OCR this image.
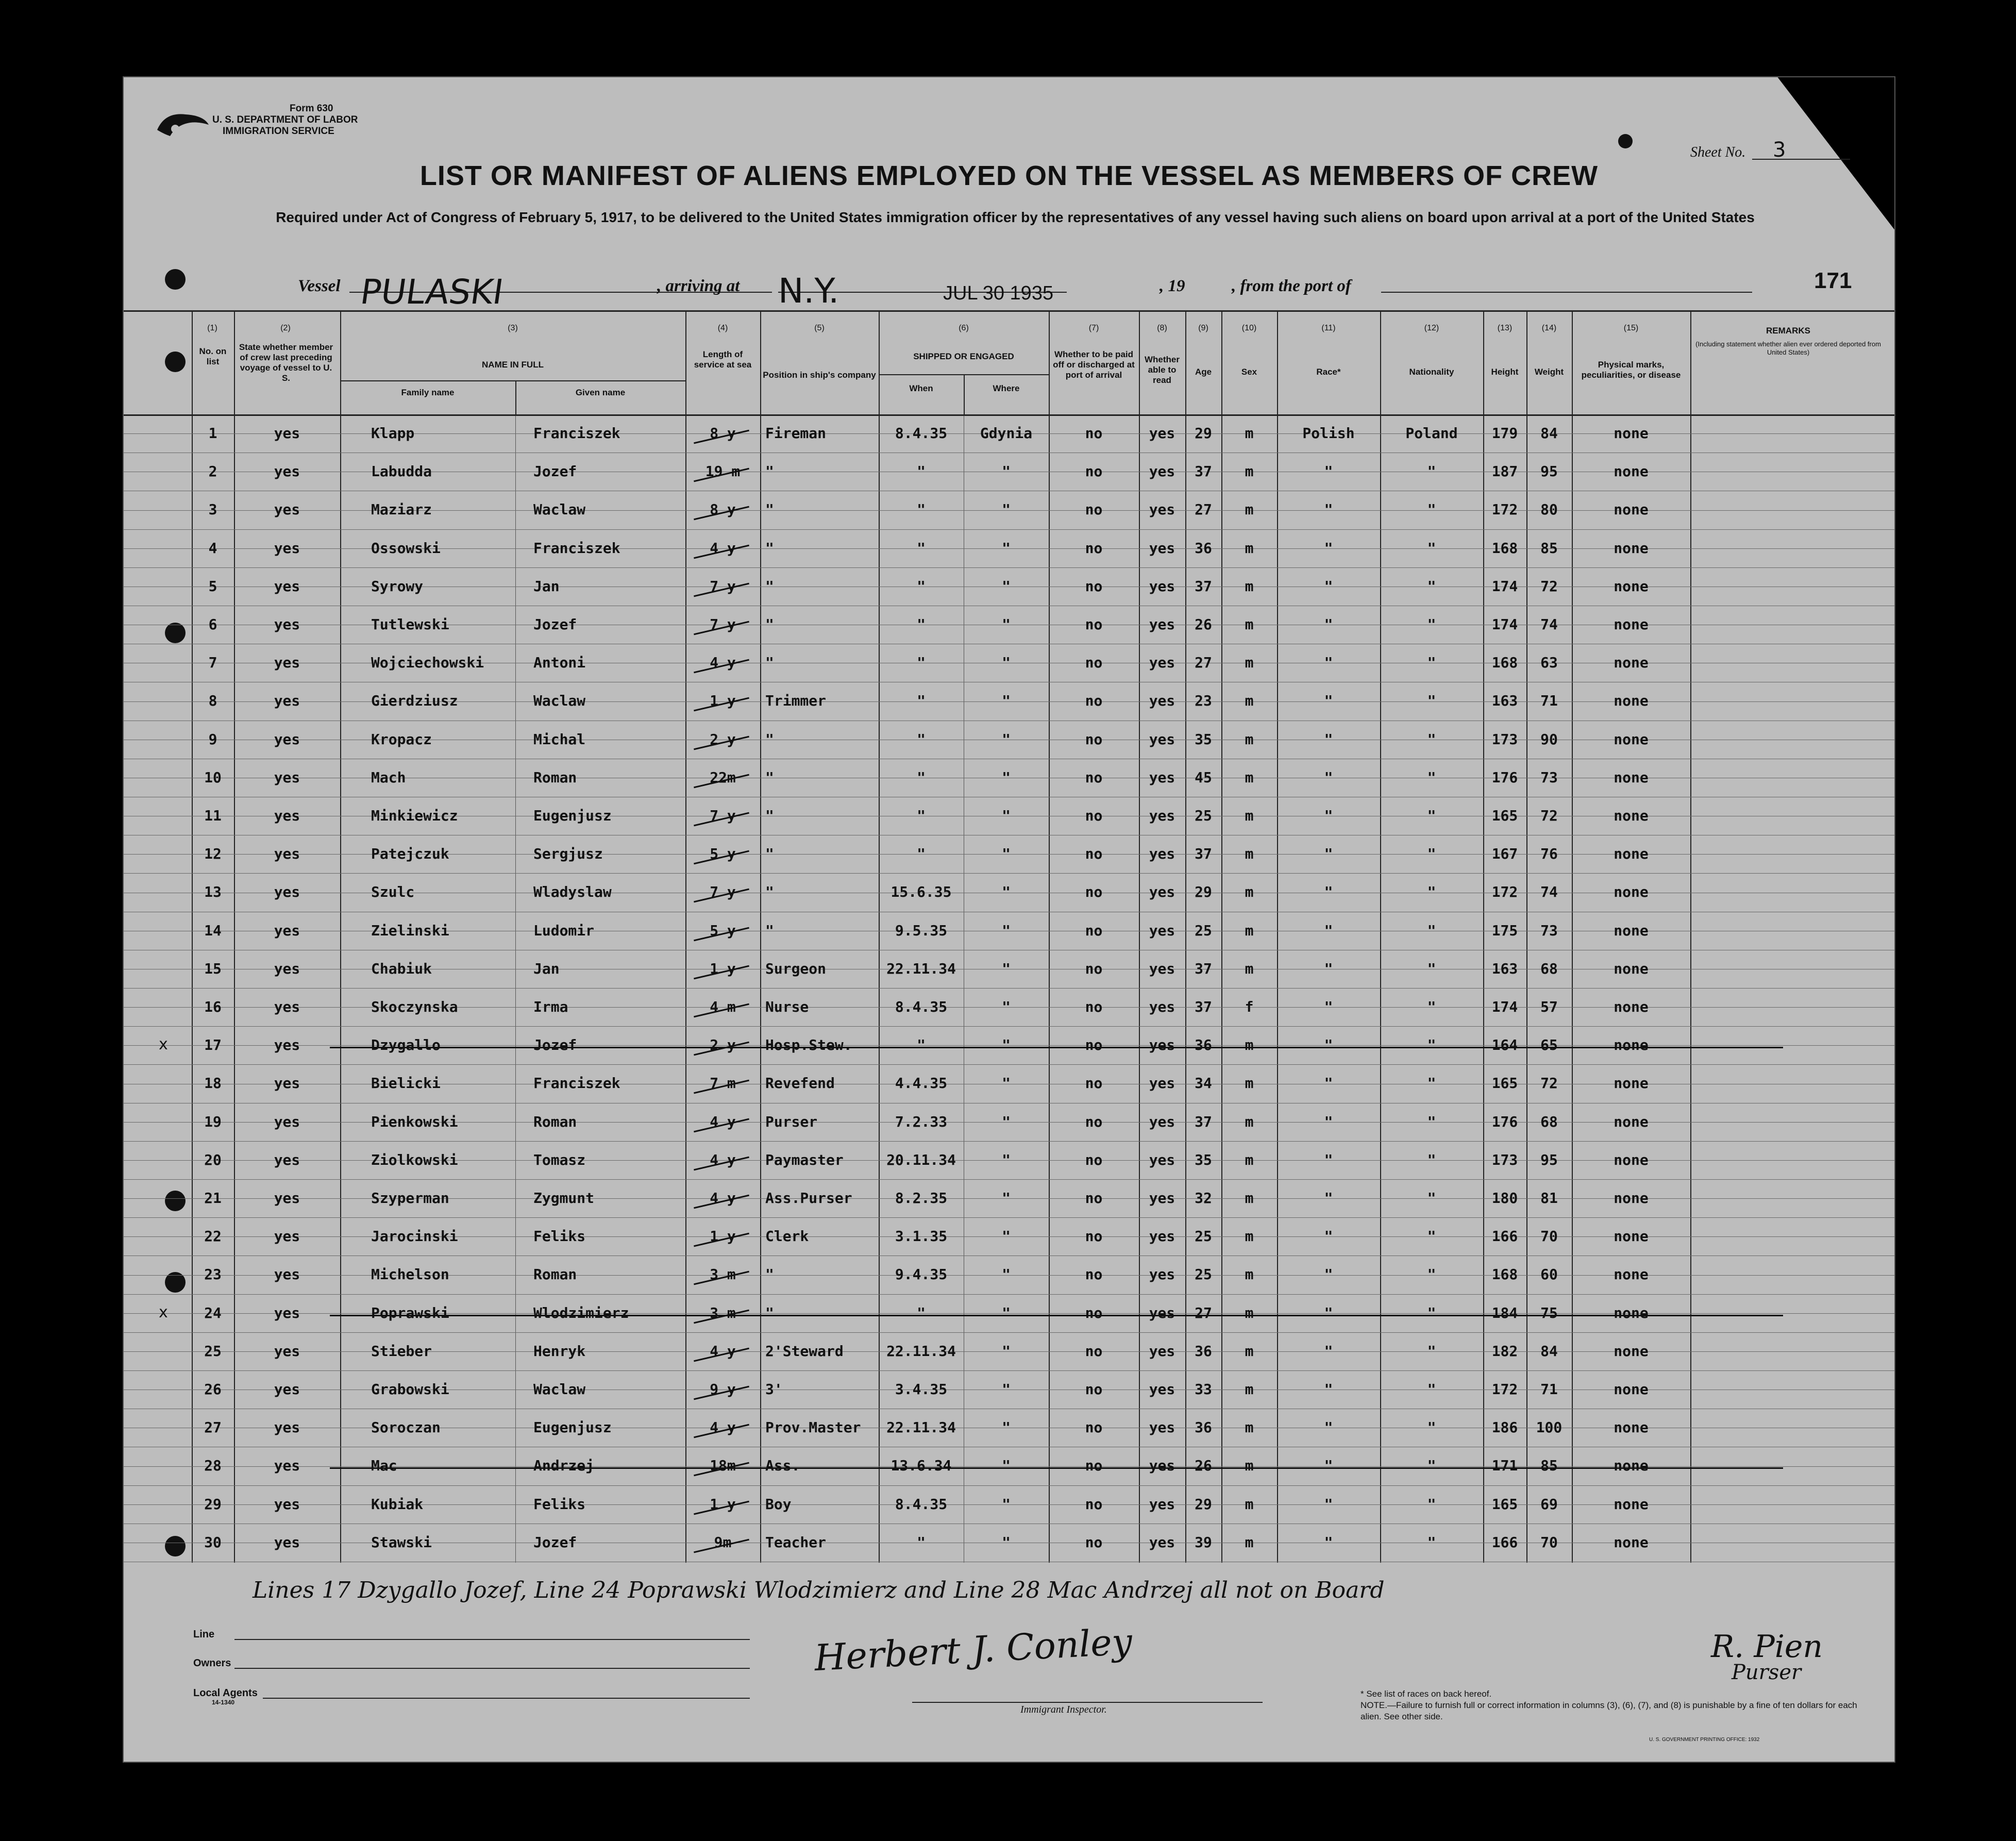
Form 630
U. S. DEPARTMENT OF LABOR
IMMIGRATION SERVICE
Sheet No. 3
LIST OR MANIFEST OF ALIENS EMPLOYED ON THE VESSEL AS MEMBERS OF CREW
Required under Act of Congress of February 5, 1917, to be delivered to the United States immigration officer by the representatives of any vessel having such aliens on board upon arrival at a port of the United States
Vessel	, arriving at	, 19	, from the port of
PULASKI	N.Y.	JUL 30 1935	171
(1)
No. on list
(2)
State whether member of crew last preceding voyage of vessel to U. S.
(3)
NAME IN FULL
Family name	Given name
(4)
Length of service at sea
(5)
Position in ship's company
(6)
SHIPPED OR ENGAGED
When	Where
(7)
Whether to be paid off or discharged at port of arrival
(8)
Whether able to read
(9)
Age
(10)
Sex
(11)
Race*
(12)
Nationality
(13)
Height
(14)
Weight
(15)
Physical marks, peculiarities, or disease
REMARKS
(Including statement whether alien ever ordered deported from United States)
1	yes	Klapp	Franciszek	8 y	Fireman	8.4.35	Gdynia	no	yes	29	m	Polish	Poland	179	84	none
2	yes	Labudda	Jozef	19 m	"	"	"	no	yes	37	m	"	"	187	95	none
3	yes	Maziarz	Waclaw	8 y	"	"	"	no	yes	27	m	"	"	172	80	none
4	yes	Ossowski	Franciszek	4 y	"	"	"	no	yes	36	m	"	"	168	85	none
5	yes	Syrowy	Jan	7 y	"	"	"	no	yes	37	m	"	"	174	72	none
6	yes	Tutlewski	Jozef	7 y	"	"	"	no	yes	26	m	"	"	174	74	none
7	yes	Wojciechowski	Antoni	4 y	"	"	"	no	yes	27	m	"	"	168	63	none
8	yes	Gierdziusz	Waclaw	1 y	Trimmer	"	"	no	yes	23	m	"	"	163	71	none
9	yes	Kropacz	Michal	2 y	"	"	"	no	yes	35	m	"	"	173	90	none
10	yes	Mach	Roman	22m	"	"	"	no	yes	45	m	"	"	176	73	none
11	yes	Minkiewicz	Eugenjusz	7 y	"	"	"	no	yes	25	m	"	"	165	72	none
12	yes	Patejczuk	Sergjusz	5 y	"	"	"	no	yes	37	m	"	"	167	76	none
13	yes	Szulc	Wladyslaw	7 y	"	15.6.35	"	no	yes	29	m	"	"	172	74	none
14	yes	Zielinski	Ludomir	5 y	"	9.5.35	"	no	yes	25	m	"	"	175	73	none
15	yes	Chabiuk	Jan	1 y	Surgeon	22.11.34	"	no	yes	37	m	"	"	163	68	none
16	yes	Skoczynska	Irma	4 m	Nurse	8.4.35	"	no	yes	37	f	"	"	174	57	none
17	yes	Dzygallo	Jozef	2 y	Hosp.Stew.	"	"	no	yes	36	m	"	"	164	65	none
x
18	yes	Bielicki	Franciszek	7 m	Revefend	4.4.35	"	no	yes	34	m	"	"	165	72	none
19	yes	Pienkowski	Roman	4 y	Purser	7.2.33	"	no	yes	37	m	"	"	176	68	none
20	yes	Ziolkowski	Tomasz	4 y	Paymaster	20.11.34	"	no	yes	35	m	"	"	173	95	none
21	yes	Szyperman	Zygmunt	4 y	Ass.Purser	8.2.35	"	no	yes	32	m	"	"	180	81	none
22	yes	Jarocinski	Feliks	1 y	Clerk	3.1.35	"	no	yes	25	m	"	"	166	70	none
23	yes	Michelson	Roman	3 m	"	9.4.35	"	no	yes	25	m	"	"	168	60	none
24	yes	Poprawski	Wlodzimierz	3 m	"	"	"	no	yes	27	m	"	"	184	75	none
x
25	yes	Stieber	Henryk	4 y	2'Steward	22.11.34	"	no	yes	36	m	"	"	182	84	none
26	yes	Grabowski	Waclaw	9 y	3'	3.4.35	"	no	yes	33	m	"	"	172	71	none
27	yes	Soroczan	Eugenjusz	4 y	Prov.Master	22.11.34	"	no	yes	36	m	"	"	186	100	none
28	yes	Mac	Andrzej	18m	Ass.	13.6.34	"	no	yes	26	m	"	"	171	85	none
29	yes	Kubiak	Feliks	1 y	Boy	8.4.35	"	no	yes	29	m	"	"	165	69	none
30	yes	Stawski	Jozef	9m	Teacher	"	"	no	yes	39	m	"	"	166	70	none
Lines 17 Dzygallo Jozef, Line 24 Poprawski Wlodzimierz and Line 28 Mac Andrzej all not on Board
Line
Owners
Local Agents
14-1340
Herbert J. Conley
Immigrant Inspector.
R. Pien
Purser
* See list of races on back hereof.
NOTE.—Failure to furnish full or correct information in columns (3), (6), (7), and (8) is punishable by a fine of ten dollars for each alien. See other side.
U. S. GOVERNMENT PRINTING OFFICE: 1932
